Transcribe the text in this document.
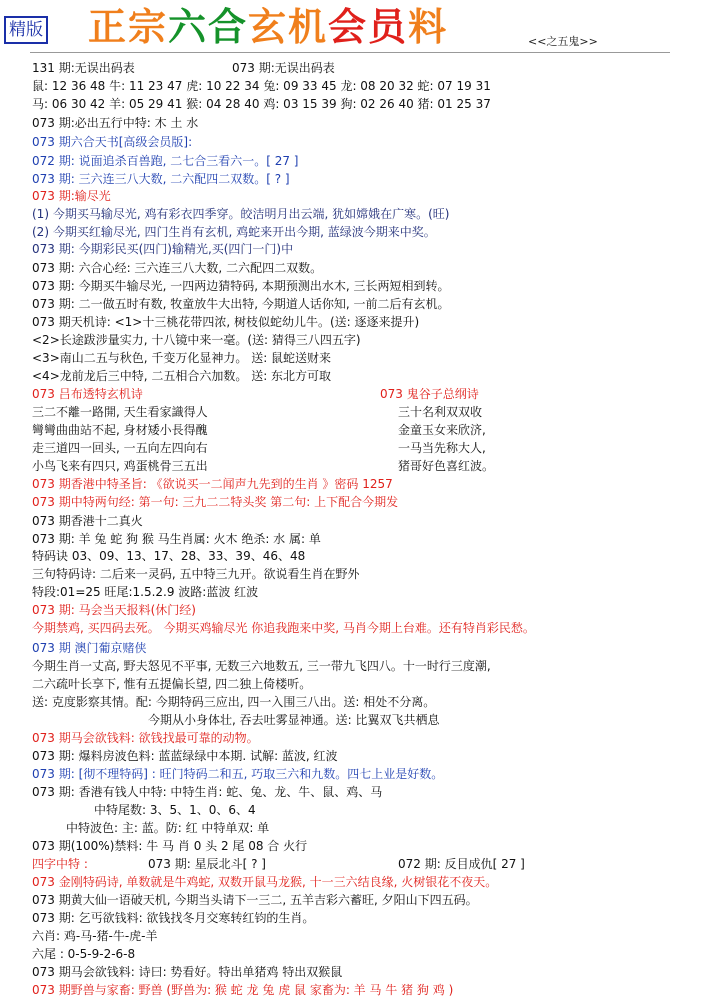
精版 正宗六合玄机会员料	<<之五鬼>>
131 期:无误出码表	073 期:无误出码表
鼠: 12 36 48 牛: 11 23 47 虎: 10 22 34 兔: 09 33 45 龙: 08 20 32 蛇: 07 19 31
马: 06 30 42 羊: 05 29 41 猴: 04 28 40 鸡: 03 15 39 狗: 02 26 40 猪: 01 25 37
073 期:必出五行中特: 木 土 水
073 期六合天书[高级会员版]:
072 期: 说面追杀百兽跑, 二七合三看六一。[ 27 ]
073 期: 三六连三八大数, 二六配四二双数。[ ? ]
073 期:输尽光
(1) 今期买马输尽光, 鸡有彩衣四季穿。皎洁明月出云端, 犹如嫦娥在广寒。(旺)
(2) 今期买红输尽光, 四门生肖有玄机, 鸡蛇来开出今期, 蓝绿波今期来中奖。
073 期: 今期彩民买(四门)输精光,买(四门一门)中
073 期: 六合心经: 三六连三八大数, 二六配四二双数。
073 期: 今期买牛输尽光, 一四两边猜特码, 本期预测出水木, 三长两短相到转。
073 期: 二一做五时有数, 牧童放牛大出特, 今期道人话你知, 一前二后有玄机。
073 期天机诗: <1>十三桃花带四浓, 树枝似蛇幼儿牛。(送: 逐逐来提升)
<2>长途跋涉量实力, 十八镜中来一毫。(送: 猜得三八四五字)
<3>南山二五与秋色, 千变万化显神力。 送: 鼠蛇送财来
<4>龙前龙后三中特, 二五相合六加数。 送: 东北方可取
073 吕布透特玄机诗	073 鬼谷子总纲诗
三二不離一路開, 天生看家識得人	三十名利双双收
彎彎曲曲站不起, 身材矮小長得醜	金童玉女来欣济,
走三道四一回头, 一五向左四向右	一马当先称大人,
小鸟飞来有四只, 鸡蛋桃骨三五出	猪哥好色喜红波。
073 期香港中特圣旨: 《欲说买一二闻声九先到的生肖 》密码 1257
073 期中特两句经: 第一句: 三九二二特头奖 第二句: 上下配合今期发
073 期香港十二真火
073 期: 羊 兔 蛇 狗 猴 马生肖属: 火木 绝杀: 水 属: 单
特码诀 03、09、13、17、28、33、39、46、48
三句特码诗: 二后来一灵码, 五中特三九开。欲说看生肖在野外
特段:01=25 旺尾:1.5.2.9 波路:蓝波 红波
073 期: 马会当天报料(休门经)
今期禁鸡, 买四码去死。 今期买鸡输尽光 你追我跑来中奖, 马肖今期上台难。还有特肖彩民愁。
073 期 澳门葡京赌侠
今期生肖一丈高, 野夫怒见不平事, 无数三六地数五, 三一带九飞四八。十一时行三度潮,
二六疏叶长享下, 惟有五提偏长望, 四二独上倚楼听。
送: 克度影察其情。配: 今期特码三应出, 四一入围三八出。送: 相处不分离。
今期从小身体壮, 吞去吐雾显神通。送: 比翼双飞共栖息
073 期马会欲钱料: 欲钱找最可靠的动物。
073 期: 爆料房波色料: 蓝蓝绿绿中本期. 试解: 蓝波, 红波
073 期: [彻不理特码] : 旺门特码二和五, 巧取三六和九数。四七上业是好数。
073 期: 香港有钱人中特: 中特生肖: 蛇、兔、龙、牛、鼠、鸡、马
中特尾数: 3、5、1、0、6、4
中特波色: 主: 蓝。防: 红 中特单双: 单
073 期(100%)禁料: 牛 马 肖 0 头 2 尾 08 合 火行
四字中特 :	073 期: 星辰北斗[ ? ]	072 期: 反目成仇[ 27 ]
073 金刚特码诗, 单数就是牛鸡蛇, 双数开鼠马龙猴, 十一三六结良缘, 火树银花不夜天。
073 期黄大仙一语破天机, 今期当头请下一三二, 五羊吉彩六蓄旺, 夕阳山下四五码。
073 期: 乞丐欲钱料: 欲钱找冬月交寒转红钧的生肖。
六肖: 鸡-马-猪-牛-虎-羊
六尾 : 0-5-9-2-6-8
073 期马会欲钱料: 诗曰: 势看好。特出单猪鸡 特出双猴鼠
073 期野兽与家畜: 野兽 (野兽为: 猴 蛇 龙 兔 虎 鼠 家畜为: 羊 马 牛 猪 狗 鸡 )
